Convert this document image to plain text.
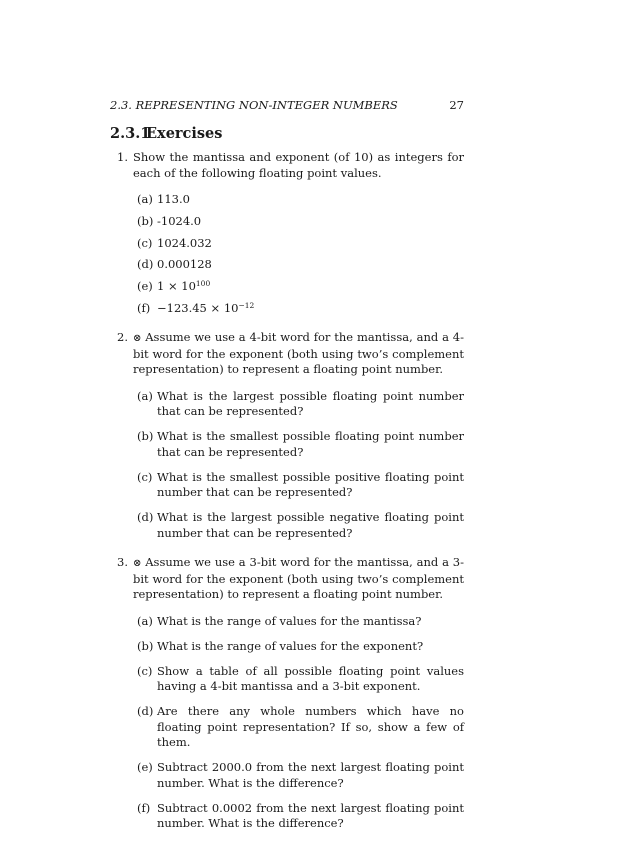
2.3. REPRESENTING NON-INTEGER NUMBERS	27
2.3.1Exercises
1. Show the mantissa and exponent (of 10) as integers for each of the following floating point values.
(a) 113.0
(b) -1024.0
(c) 1024.032
(d) 0.000128
(e) $1 \times 10^{100}$
$(f) -123.45 \times 10^{-12}$
2. ⊗ Assume we use a 4-bit word for the mantissa, and a 4-bit word for the exponent (both using two’s complement representation) to represent a floating point number.
(a) What is the largest possible floating point number that can be represented?
(b) What is the smallest possible floating point number that can be represented?
(c) What is the smallest possible positive floating point number that can be represented?
(d) What is the largest possible negative floating point number that can be represented?
3. ⊗ Assume we use a 3-bit word for the mantissa, and a 3-bit word for the exponent (both using two’s complement representation) to represent a floating point number.
(a) What is the range of values for the mantissa?
(b) What is the range of values for the exponent?
(c) Show a table of all possible floating point values having a 4-bit mantissa and a 3-bit exponent.
(d) Are there any whole numbers which have no floating point representation? If so, show a few of them.
(e) Subtract 2000.0 from the next largest floating point number. What is the difference?
(f) Subtract 0.0002 from the next largest floating point number. What is the difference?
